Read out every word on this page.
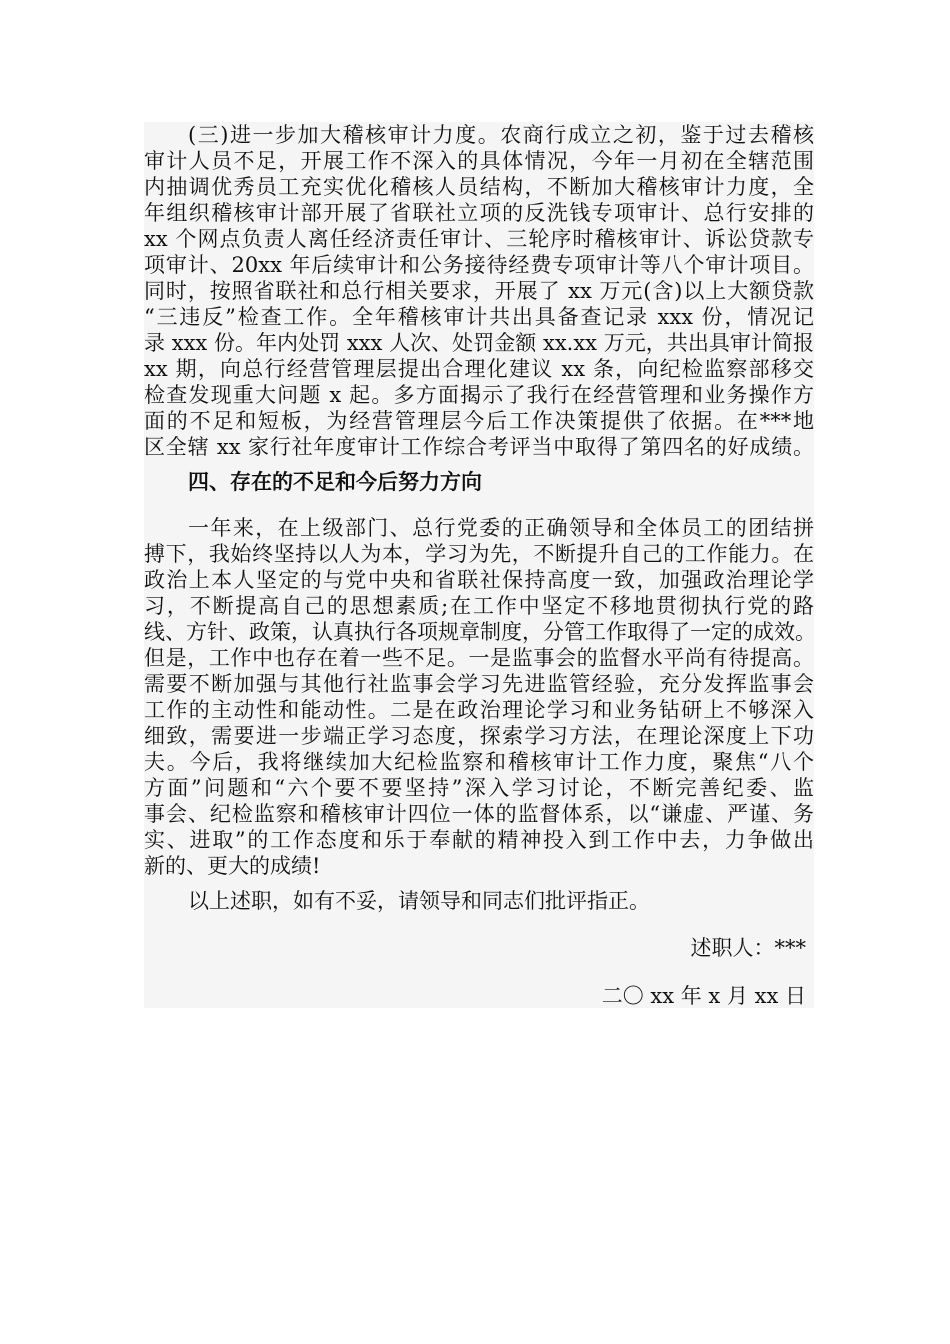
(三)进一步加大稽核审计力度。农商行成立之初，鉴于过去稽核
审计人员不足，开展工作不深入的具体情况，今年一月初在全辖范围
内抽调优秀员工充实优化稽核人员结构，不断加大稽核审计力度，全
年组织稽核审计部开展了省联社立项的反洗钱专项审计、总行安排的
xx 个网点负责人离任经济责任审计、三轮序时稽核审计、诉讼贷款专
项审计、20xx 年后续审计和公务接待经费专项审计等八个审计项目。
同时，按照省联社和总行相关要求，开展了 xx 万元(含)以上大额贷款
“三违反”检查工作。全年稽核审计共出具备查记录 xxx 份，情况记
录 xxx 份。年内处罚 xxx 人次、处罚金额 xx.xx 万元，共出具审计简报
xx 期，向总行经营管理层提出合理化建议 xx 条，向纪检监察部移交
检查发现重大问题 x 起。多方面揭示了我行在经营管理和业务操作方
面的不足和短板，为经营管理层今后工作决策提供了依据。在***地
区全辖 xx 家行社年度审计工作综合考评当中取得了第四名的好成绩。
四、存在的不足和今后努力方向
一年来，在上级部门、总行党委的正确领导和全体员工的团结拼
搏下，我始终坚持以人为本，学习为先，不断提升自己的工作能力。在
政治上本人坚定的与党中央和省联社保持高度一致，加强政治理论学
习，不断提高自己的思想素质;在工作中坚定不移地贯彻执行党的路
线、方针、政策，认真执行各项规章制度，分管工作取得了一定的成效。
但是，工作中也存在着一些不足。一是监事会的监督水平尚有待提高。
需要不断加强与其他行社监事会学习先进监管经验，充分发挥监事会
工作的主动性和能动性。二是在政治理论学习和业务钻研上不够深入
细致，需要进一步端正学习态度，探索学习方法，在理论深度上下功
夫。今后，我将继续加大纪检监察和稽核审计工作力度，聚焦“八个
方面”问题和“六个要不要坚持”深入学习讨论，不断完善纪委、监
事会、纪检监察和稽核审计四位一体的监督体系，以“谦虚、严谨、务
实、进取”的工作态度和乐于奉献的精神投入到工作中去，力争做出
新的、更大的成绩!
以上述职，如有不妥，请领导和同志们批评指正。
述职人：***
二〇 xx 年 x 月 xx 日
